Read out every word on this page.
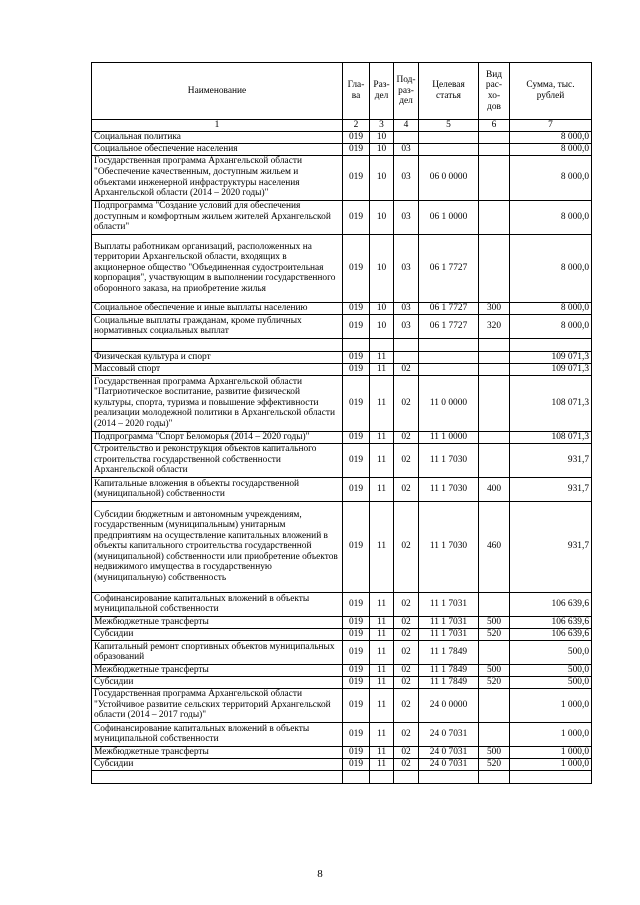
Наименование	Гла-ва	Раз-дел	Под-раз-дел	Целевая статья	Вид рас-хо-дов	Сумма, тыс. рублей
1	2	3	4	5	6	7
Социальная политика	019	10				8 000,0
Социальное обеспечение населения	019	10	03			8 000,0
Государственная программа Архангельской области "Обеспечение качественным, доступным жильем и объектами инженерной инфраструктуры населения Архангельской области (2014 – 2020 годы)"	019	10	03	06 0 0000		8 000,0
Подпрограмма "Создание условий для обеспечения доступным и комфортным жильем жителей Архангельской области"	019	10	03	06 1 0000		8 000,0
Выплаты работникам организаций, расположенных на территории Архангельской области, входящих в акционерное общество "Объединенная судостроительная корпорация", участвующим в выполнении государственного оборонного заказа, на приобретение жилья	019	10	03	06 1 7727		8 000,0
Социальное обеспечение и иные выплаты населению	019	10	03	06 1 7727	300	8 000,0
Социальные выплаты гражданам, кроме публичных нормативных социальных выплат	019	10	03	06 1 7727	320	8 000,0

Физическая культура и спорт	019	11				109 071,3
Массовый спорт	019	11	02			109 071,3
Государственная программа Архангельской области "Патриотическое воспитание, развитие физической культуры, спорта, туризма и повышение эффективности реализации молодежной политики в Архангельской области (2014 – 2020 годы)"	019	11	02	11 0 0000		108 071,3
Подпрограмма "Спорт Беломорья (2014 – 2020 годы)"	019	11	02	11 1 0000		108 071,3
Строительство и реконструкция объектов капитального строительства государственной собственности Архангельской области	019	11	02	11 1 7030		931,7
Капитальные вложения в объекты государственной (муниципальной) собственности	019	11	02	11 1 7030	400	931,7
Субсидии бюджетным и автономным учреждениям, государственным (муниципальным) унитарным предприятиям на осуществление капитальных вложений в объекты капитального строительства государственной (муниципальной) собственности или приобретение объектов недвижимого имущества в государственную (муниципальную) собственность	019	11	02	11 1 7030	460	931,7
Софинансирование капитальных вложений в объекты муниципальной собственности	019	11	02	11 1 7031		106 639,6
Межбюджетные трансферты	019	11	02	11 1 7031	500	106 639,6
Субсидии	019	11	02	11 1 7031	520	106 639,6
Капитальный ремонт спортивных объектов муниципальных образований	019	11	02	11 1 7849		500,0
Межбюджетные трансферты	019	11	02	11 1 7849	500	500,0
Субсидии	019	11	02	11 1 7849	520	500,0
Государственная программа Архангельской области "Устойчивое развитие сельских территорий Архангельской области (2014 – 2017 годы)"	019	11	02	24 0 0000		1 000,0
Софинансирование капитальных вложений в объекты муниципальной собственности	019	11	02	24 0 7031		1 000,0
Межбюджетные трансферты	019	11	02	24 0 7031	500	1 000,0
Субсидии	019	11	02	24 0 7031	520	1 000,0

8
